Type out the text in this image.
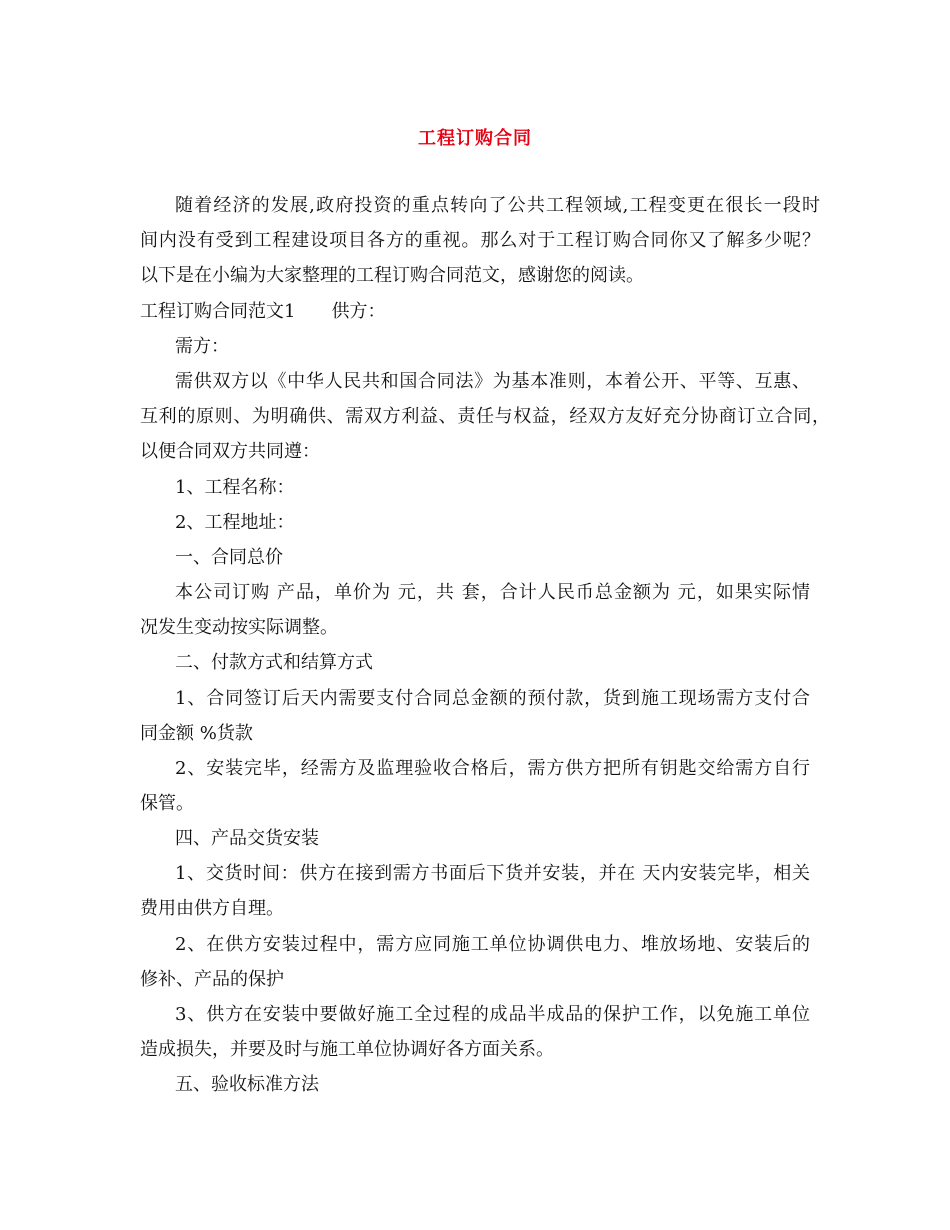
工程订购合同
随着经济的发展,政府投资的重点转向了公共工程领域,工程变更在很长一段时
间内没有受到工程建设项目各方的重视。那么对于工程订购合同你又了解多少呢？
以下是在小编为大家整理的工程订购合同范文，感谢您的阅读。
工程订购合同范文1 供方：
需方：
需供双方以《中华人民共和国合同法》为基本准则，本着公开、平等、互惠、
互利的原则、为明确供、需双方利益、责任与权益，经双方友好充分协商订立合同，
以便合同双方共同遵：
1、工程名称：
2、工程地址：
一、合同总价
本公司订购 产品，单价为 元，共 套，合计人民币总金额为 元，如果实际情
况发生变动按实际调整。
二、付款方式和结算方式
1、合同签订后天内需要支付合同总金额的预付款，货到施工现场需方支付合
同金额 %货款
2、安装完毕，经需方及监理验收合格后，需方供方把所有钥匙交给需方自行
保管。
四、产品交货安装
1、交货时间：供方在接到需方书面后下货并安装，并在 天内安装完毕，相关
费用由供方自理。
2、在供方安装过程中，需方应同施工单位协调供电力、堆放场地、安装后的
修补、产品的保护
3、供方在安装中要做好施工全过程的成品半成品的保护工作，以免施工单位
造成损失，并要及时与施工单位协调好各方面关系。
五、验收标准方法
